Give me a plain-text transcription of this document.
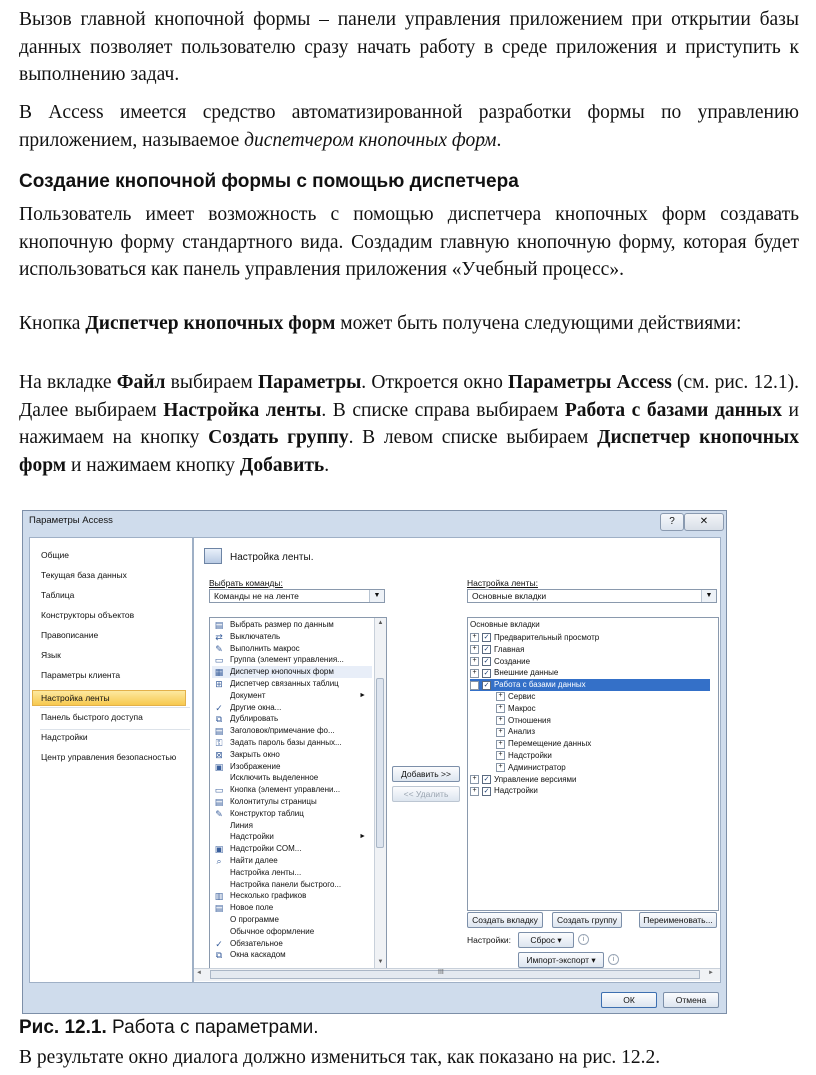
Вызов главной кнопочной формы – панели управления приложением при открытии базы данных позволяет пользователю сразу начать работу в среде приложения и приступить к выполнению задач.
В Access имеется средство автоматизированной разработки формы по управлению приложением, называемое диспетчером кнопочных форм.
Создание кнопочной формы с помощью диспетчера
Пользователь имеет возможность с помощью диспетчера кнопочных форм создавать кнопочную форму стандартного вида. Создадим главную кнопочную форму, которая будет использоваться как панель управления приложения «Учебный процесс».
Кнопка Диспетчер кнопочных форм может быть получена следующими действиями:
На вкладке Файл выбираем Параметры. Откроется окно Параметры Access (см. рис. 12.1). Далее выбираем Настройка ленты. В списке справа выбираем Работа с базами данных и нажимаем на кнопку Создать группу. В левом списке выбираем Диспетчер кнопочных форм и нажимаем кнопку Добавить.
Параметры Access	?	✕
Общие
Текущая база данных
Таблица
Конструкторы объектов
Правописание
Язык
Параметры клиента
Настройка ленты
Панель быстрого доступа
Надстройки
Центр управления безопасностью
Настройка ленты.
Выбрать команды:
Команды не на ленте	▼
Настройка ленты:
Основные вкладки	▼
▲
▼
▤ Выбрать размер по данным
⇄ Выключатель
✎ Выполнить макрос
▭ Группа (элемент управления...
▦ Диспетчер кнопочных форм
⊞ Диспетчер связанных таблиц
Документ	►
✓ Другие окна...
⧉ Дублировать
▤ Заголовок/примечание фо...
⚿ Задать пароль базы данных...
⊠ Закрыть окно
▣ Изображение
Исключить выделенное
▭ Кнопка (элемент управлени...
▤ Колонтитулы страницы
✎ Конструктор таблиц
Линия
Надстройки	►
▣ Надстройки COM...
⌕	Найти далее
Настройка ленты...
Настройка панели быстрого...
▥ Несколько графиков
▤ Новое поле
О программе
Обычное оформление
✓ Обязательное
⧉ Окна каскадом
Добавить >>
<< Удалить
Основные вкладки
+ ✓ Предварительный просмотр
+ ✓ Главная
+ ✓ Создание
+ ✓ Внешние данные
− ✓ Работа с базами данных
+ Сервис
+ Макрос
+ Отношения
+ Анализ
+ Перемещение данных
+ Надстройки
+ Администратор
+ ✓ Управление версиями
+ ✓ Надстройки
Создать вкладку	Создать группу	Переименовать...
Настройки:	Сброс ▾	i
Импорт-экспорт ▾	i
◄	III	►
ОК	Отмена
Рис. 12.1. Работа с параметрами.
В результате окно диалога должно измениться так, как показано на рис. 12.2.
